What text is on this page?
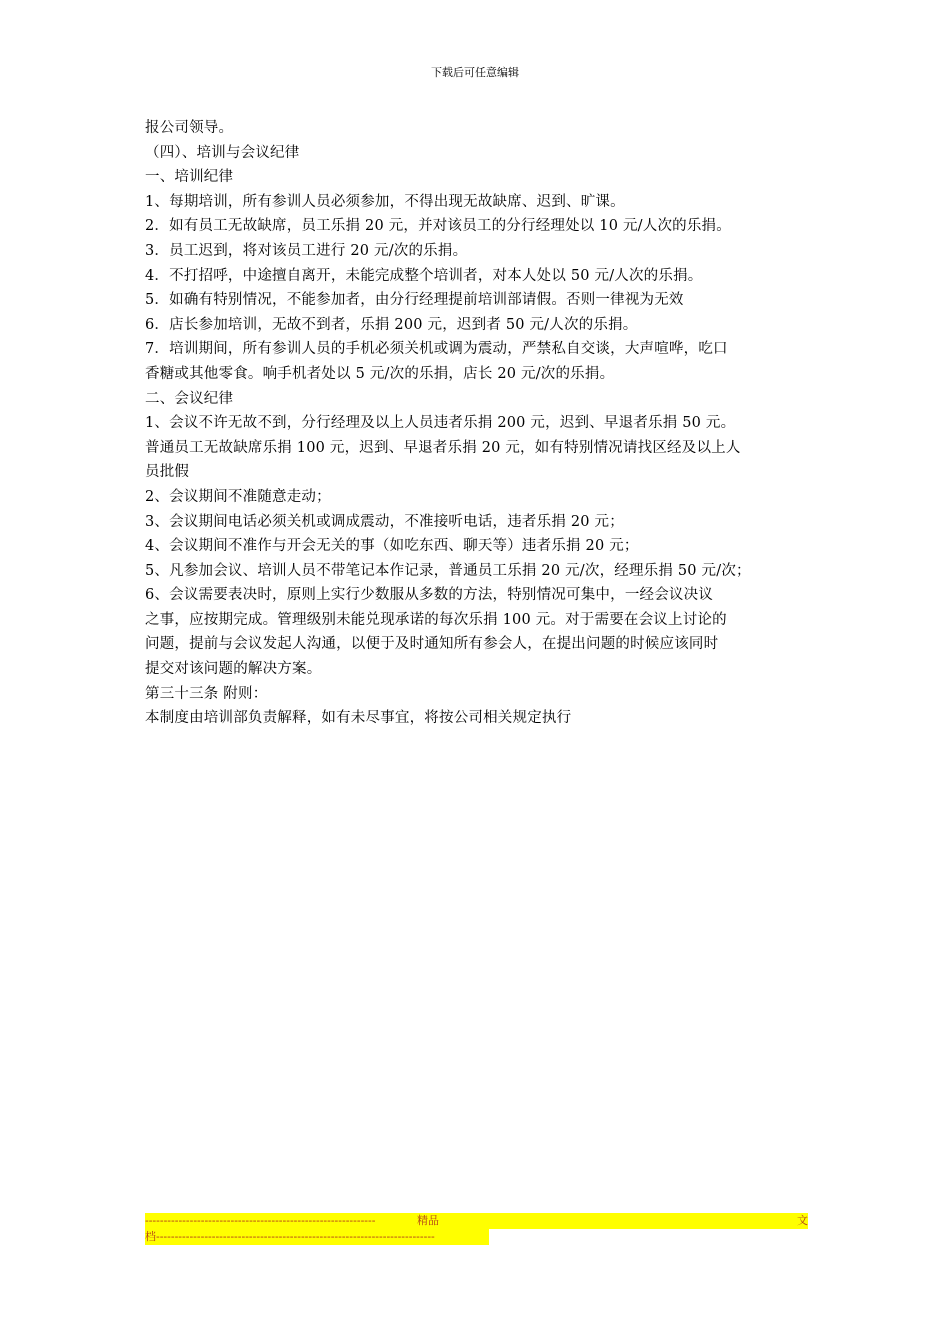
下载后可任意编辑
报公司领导。
（四）、培训与会议纪律
一、培训纪律
1、每期培训，所有参训人员必须参加，不得出现无故缺席、迟到、旷课。
2．如有员工无故缺席，员工乐捐 20 元，并对该员工的分行经理处以 10 元/人次的乐捐。
3．员工迟到，将对该员工进行 20 元/次的乐捐。
4．不打招呼，中途擅自离开，未能完成整个培训者，对本人处以 50 元/人次的乐捐。
5．如确有特别情况，不能参加者，由分行经理提前培训部请假。否则一律视为无效
6．店长参加培训，无故不到者，乐捐 200 元，迟到者 50 元/人次的乐捐。
7．培训期间，所有参训人员的手机必须关机或调为震动，严禁私自交谈，大声喧哗，吃口
香糖或其他零食。响手机者处以 5 元/次的乐捐，店长 20 元/次的乐捐。
二、会议纪律
1、会议不许无故不到，分行经理及以上人员违者乐捐 200 元，迟到、早退者乐捐 50 元。
普通员工无故缺席乐捐 100 元，迟到、早退者乐捐 20 元，如有特别情况请找区经及以上人
员批假
2、会议期间不准随意走动；
3、会议期间电话必须关机或调成震动，不准接听电话，违者乐捐 20 元；
4、会议期间不准作与开会无关的事（如吃东西、聊天等）违者乐捐 20 元；
5、凡参加会议、培训人员不带笔记本作记录，普通员工乐捐 20 元/次，经理乐捐 50 元/次；
6、会议需要表决时，原则上实行少数服从多数的方法，特别情况可集中，一经会议决议
之事，应按期完成。管理级别未能兑现承诺的每次乐捐 100 元。对于需要在会议上讨论的
问题，提前与会议发起人沟通，以便于及时通知所有参会人，在提出问题的时候应该同时
提交对该问题的解决方案。
第三十三条 附则：
本制度由培训部负责解释，如有未尽事宜，将按公司相关规定执行
--------------------------------------------------------------	精 品	文
档 ---------------------------------------------------------------------------
